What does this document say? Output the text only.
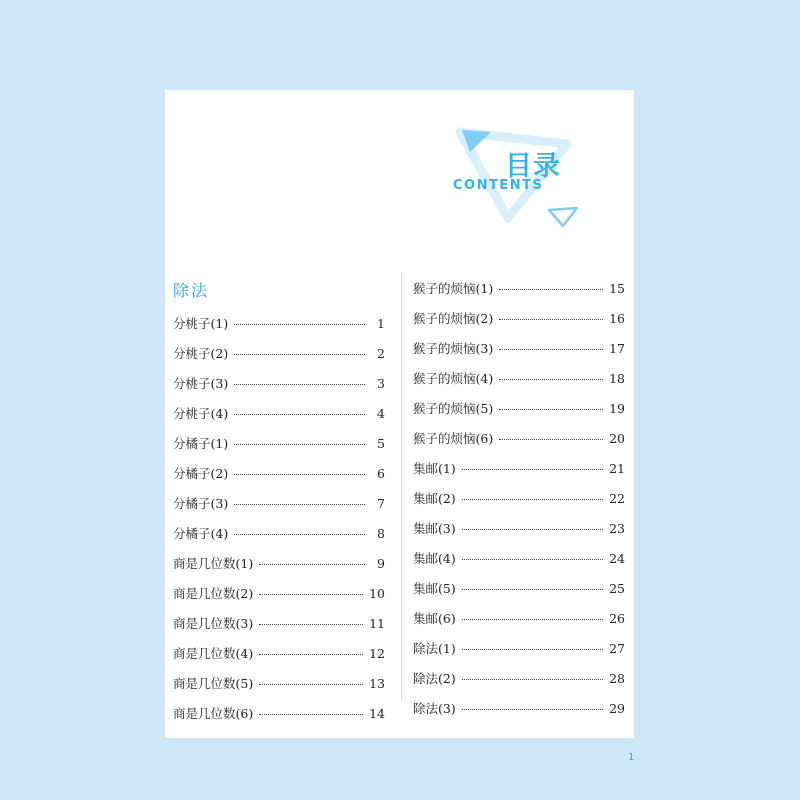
目录
CONTENTS
除法
分桃子(1)	1
分桃子(2)	2
分桃子(3)	3
分桃子(4)	4
分橘子(1)	5
分橘子(2)	6
分橘子(3)	7
分橘子(4)	8
商是几位数(1)	9
商是几位数(2)	10
商是几位数(3)	11
商是几位数(4)	12
商是几位数(5)	13
商是几位数(6)	14
猴子的烦恼(1)	15
猴子的烦恼(2)	16
猴子的烦恼(3)	17
猴子的烦恼(4)	18
猴子的烦恼(5)	19
猴子的烦恼(6)	20
集邮(1)	21
集邮(2)	22
集邮(3)	23
集邮(4)	24
集邮(5)	25
集邮(6)	26
除法(1)	27
除法(2)	28
除法(3)	29
1
